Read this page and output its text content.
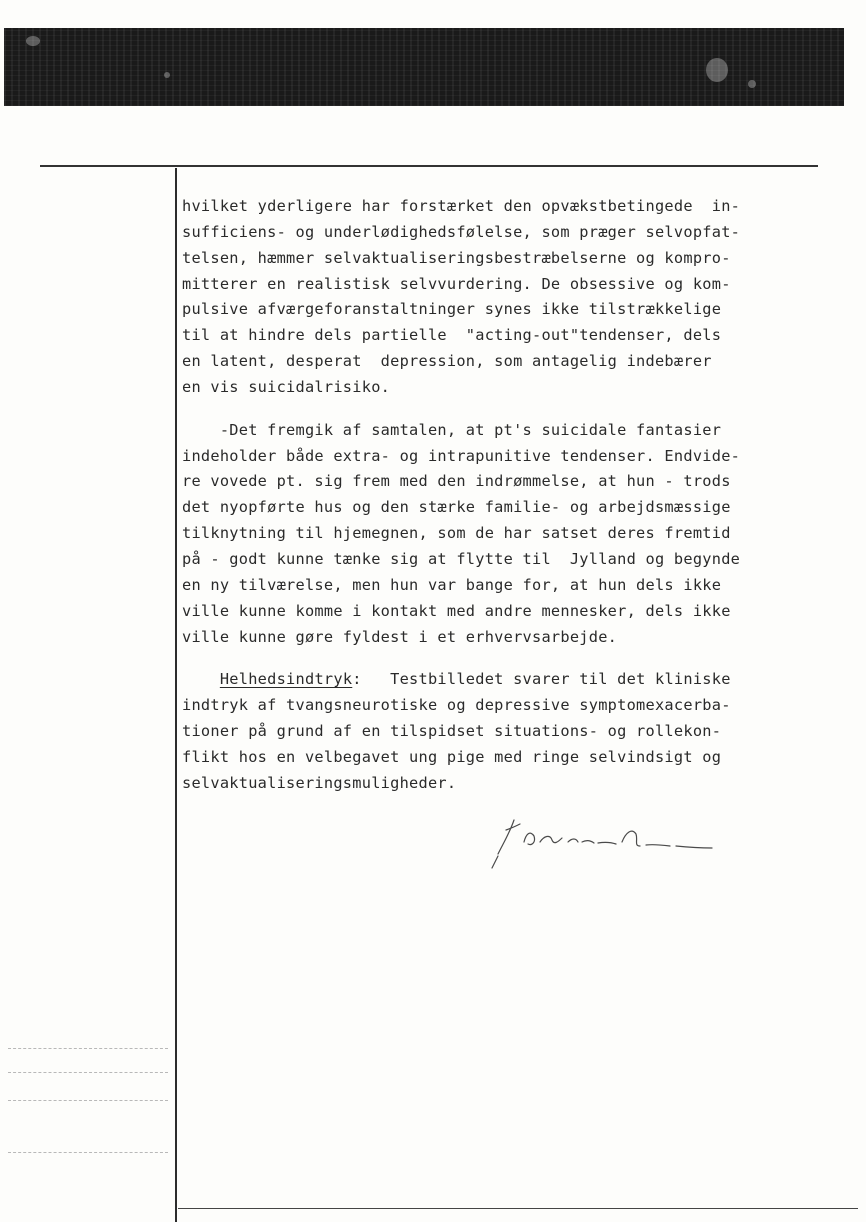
hvilket yderligere har forstærket den opvækstbetingede  in-
sufficiens- og underlødighedsfølelse, som præger selvopfat-
telsen, hæmmer selvaktualiseringsbestræbelserne og kompro-
mitterer en realistisk selvvurdering. De obsessive og kom-
pulsive afværgeforanstaltninger synes ikke tilstrækkelige
til at hindre dels partielle  "acting-out"tendenser, dels
en latent, desperat  depression, som antagelig indebærer
en vis suicidalrisiko.

-Det fremgik af samtalen, at pt's suicidale fantasier
indeholder både extra- og intrapunitive tendenser. Endvide-
re vovede pt. sig frem med den indrømmelse, at hun - trods
det nyopførte hus og den stærke familie- og arbejdsmæssige
tilknytning til hjemegnen, som de har satset deres fremtid
på - godt kunne tænke sig at flytte til  Jylland og begynde
en ny tilværelse, men hun var bange for, at hun dels ikke
ville kunne komme i kontakt med andre mennesker, dels ikke
ville kunne gøre fyldest i et erhvervsarbejde.

Helhedsindtryk:   Testbilledet svarer til det kliniske
indtryk af tvangsneurotiske og depressive symptomexacerba-
tioner på grund af en tilspidset situations- og rollekon-
flikt hos en velbegavet ung pige med ringe selvindsigt og
selvaktualiseringsmuligheder.
